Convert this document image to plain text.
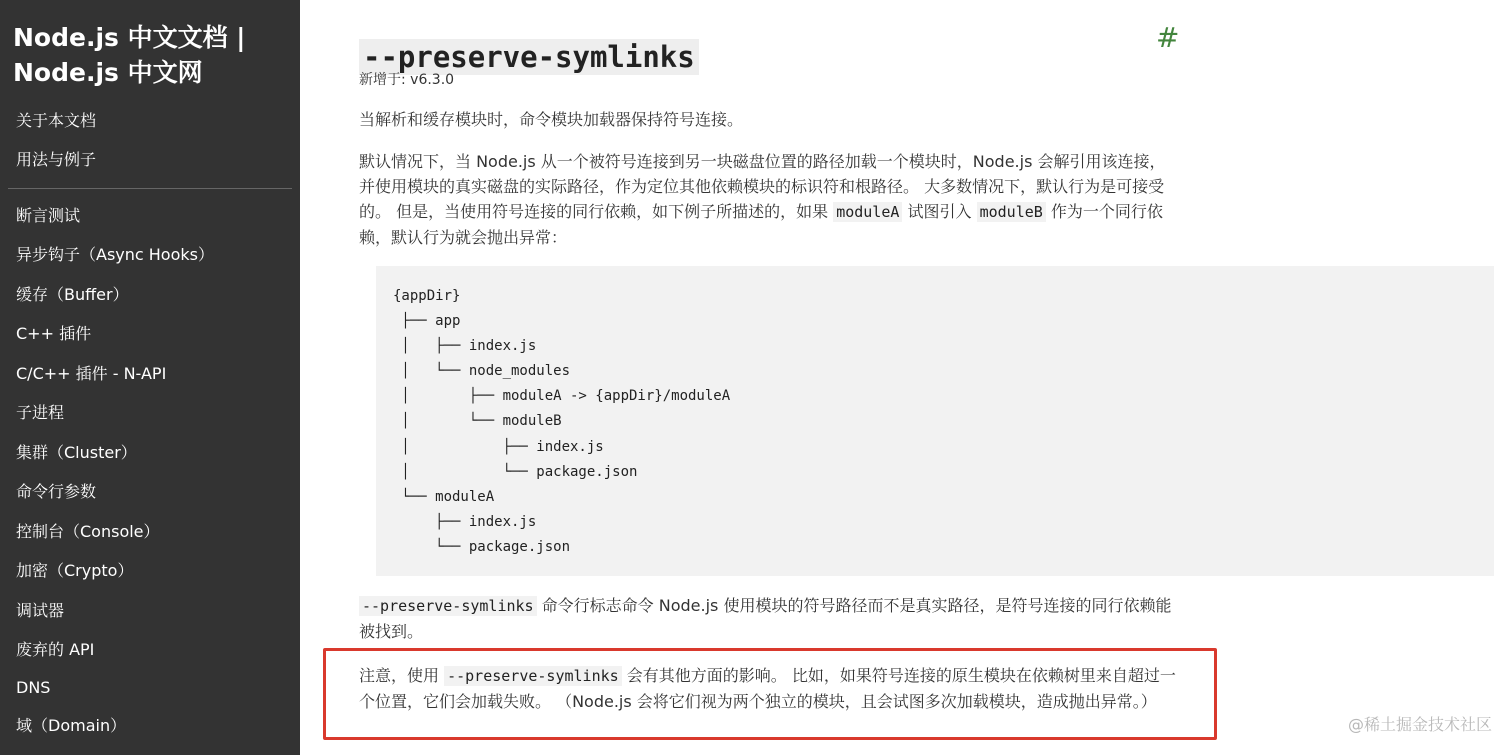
Node.js 中文文档 |
Node.js 中文网
关于本文档
用法与例子
断言测试
异步钩子（Async Hooks）
缓存（Buffer）
C++ 插件
C/C++ 插件 - N-API
子进程
集群（Cluster）
命令行参数
控制台（Console）
加密（Crypto）
调试器
废弃的 API
DNS
域（Domain）
--preserve-symlinks
#
新增于: v6.3.0

当解析和缓存模块时，命令模块加载器保持符号连接。

默认情况下，当 Node.js 从一个被符号连接到另一块磁盘位置的路径加载一个模块时，Node.js 会解引用该连接，并使用模块的真实磁盘的实际路径，作为定位其他依赖模块的标识符和根路径。 大多数情况下，默认行为是可接受的。 但是，当使用符号连接的同行依赖，如下例子所描述的，如果 moduleA 试图引入 moduleB 作为一个同行依赖，默认行为就会抛出异常：

{appDir}
├── app
│   ├── index.js
│   └── node_modules
│       ├── moduleA -> {appDir}/moduleA
│       └── moduleB
│           ├── index.js
│           └── package.json
└── moduleA
├── index.js
└── package.json

--preserve-symlinks 命令行标志命令 Node.js 使用模块的符号路径而不是真实路径，是符号连接的同行依赖能被找到。

注意，使用 --preserve-symlinks 会有其他方面的影响。 比如，如果符号连接的原生模块在依赖树里来自超过一个位置，它们会加载失败。 （Node.js 会将它们视为两个独立的模块，且会试图多次加载模块，造成抛出异常。）

@稀土掘金技术社区
